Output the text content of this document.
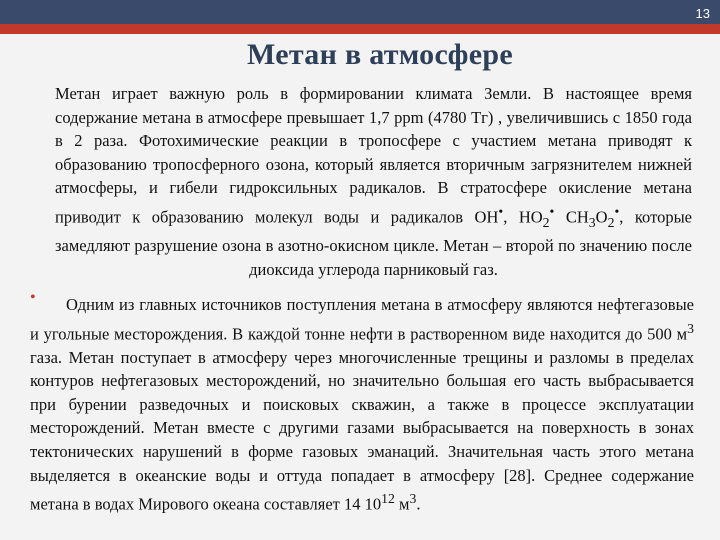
13
Метан в атмосфере

Метан играет важную роль в формировании климата Земли. В настоящее время содержание метана в атмосфере превышает 1,7 ppm (4780 Тг) , увеличившись с 1850 года в 2 раза. Фотохимические реакции в тропосфере с участием метана приводят к образованию тропосферного озона, который является вторичным загрязнителем нижней атмосферы, и гибели гидроксильных радикалов. В стратосфере окисление метана приводит к образованию молекул воды и радикалов OH•, $HO_2^•$ $CH_3O_2^•$, которые замедляют разрушение озона в азотно-окисном цикле. Метан – второй по значению после диоксида углерода парниковый газ.

•	Одним из главных источников поступления метана в атмосферу являются нефтегазовые и угольные месторождения. В каждой тонне нефти в растворенном виде находится до 500 $м^3$ газа. Метан поступает в атмосферу через многочисленные трещины и разломы в пределах контуров нефтегазовых месторождений, но значительно большая его часть выбрасывается при бурении разведочных и поисковых скважин, а также в процессе эксплуатации месторождений. Метан вместе с другими газами выбрасывается на поверхность в зонах тектонических нарушений в форме газовых эманаций. Значительная часть этого метана выделяется в океанские воды и оттуда попадает в атмосферу [28]. Среднее содержание метана в водах Мирового океана составляет 14 $10^{12}$ $м^3$.
